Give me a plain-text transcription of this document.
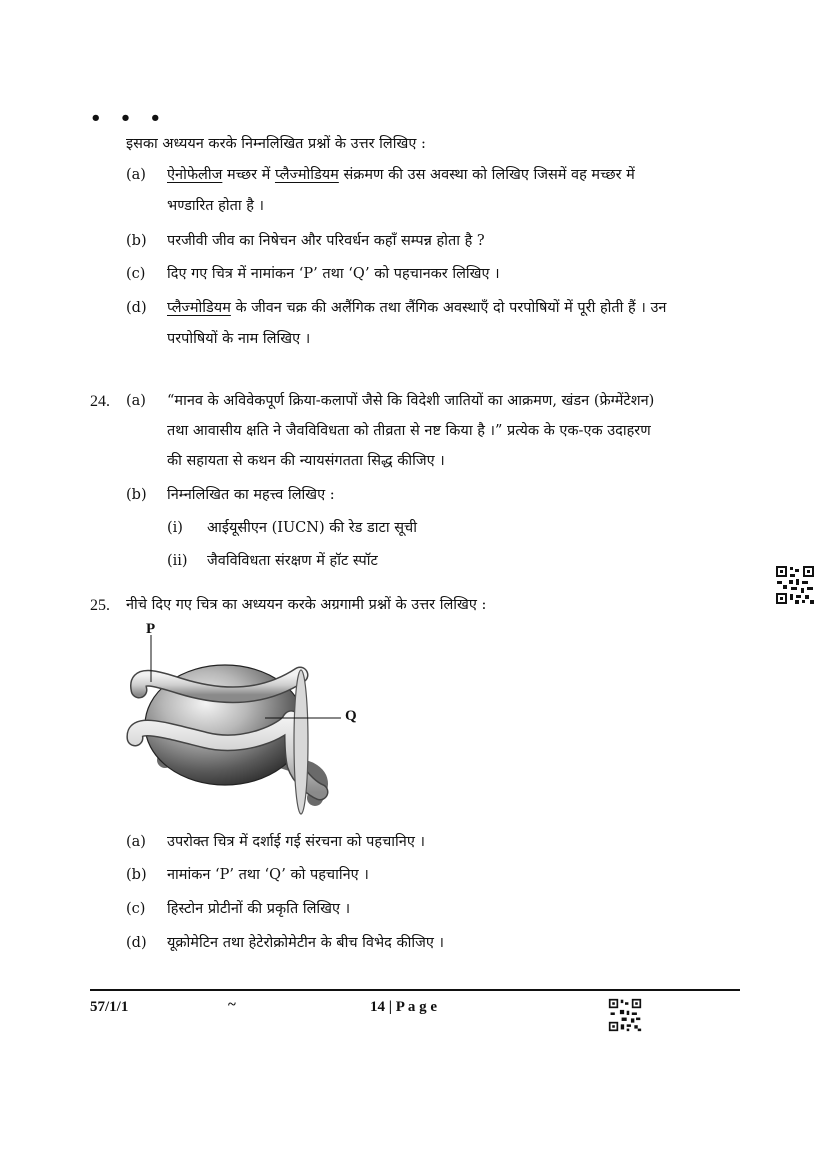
• • •
इसका अध्ययन करके निम्नलिखित प्रश्नों के उत्तर लिखिए :
(a) ऐनोफेलीज मच्छर में प्लैज्मोडियम संक्रमण की उस अवस्था को लिखिए जिसमें वह मच्छर में
भण्डारित होता है ।
(b) परजीवी जीव का निषेचन और परिवर्धन कहाँ सम्पन्न होता है ?
(c) दिए गए चित्र में नामांकन ‘P’ तथा ‘Q’ को पहचानकर लिखिए ।
(d) प्लैज्मोडियम के जीवन चक्र की अलैंगिक तथा लैंगिक अवस्थाएँ दो परपोषियों में पूरी होती हैं । उन
परपोषियों के नाम लिखिए ।
24. (a) “मानव के अविवेकपूर्ण क्रिया-कलापों जैसे कि विदेशी जातियों का आक्रमण, खंडन (फ्रेग्मेंटेशन)
तथा आवासीय क्षति ने जैवविविधता को तीव्रता से नष्ट किया है ।” प्रत्येक के एक-एक उदाहरण
की सहायता से कथन की न्यायसंगतता सिद्ध कीजिए ।
(b) निम्नलिखित का महत्त्व लिखिए :
(i) आईयूसीएन (IUCN) की रेड डाटा सूची
(ii) जैवविविधता संरक्षण में हॉट स्पॉट
25. नीचे दिए गए चित्र का अध्ययन करके अग्रगामी प्रश्नों के उत्तर लिखिए :
P
Q
(a) उपरोक्त चित्र में दर्शाई गई संरचना को पहचानिए ।
(b) नामांकन ‘P’ तथा ‘Q’ को पहचानिए ।
(c) हिस्टोन प्रोटीनों की प्रकृति लिखिए ।
(d) यूक्रोमेटिन तथा हेटेरोक्रोमेटीन के बीच विभेद कीजिए ।
57/1/1	~	14 | P a g e
